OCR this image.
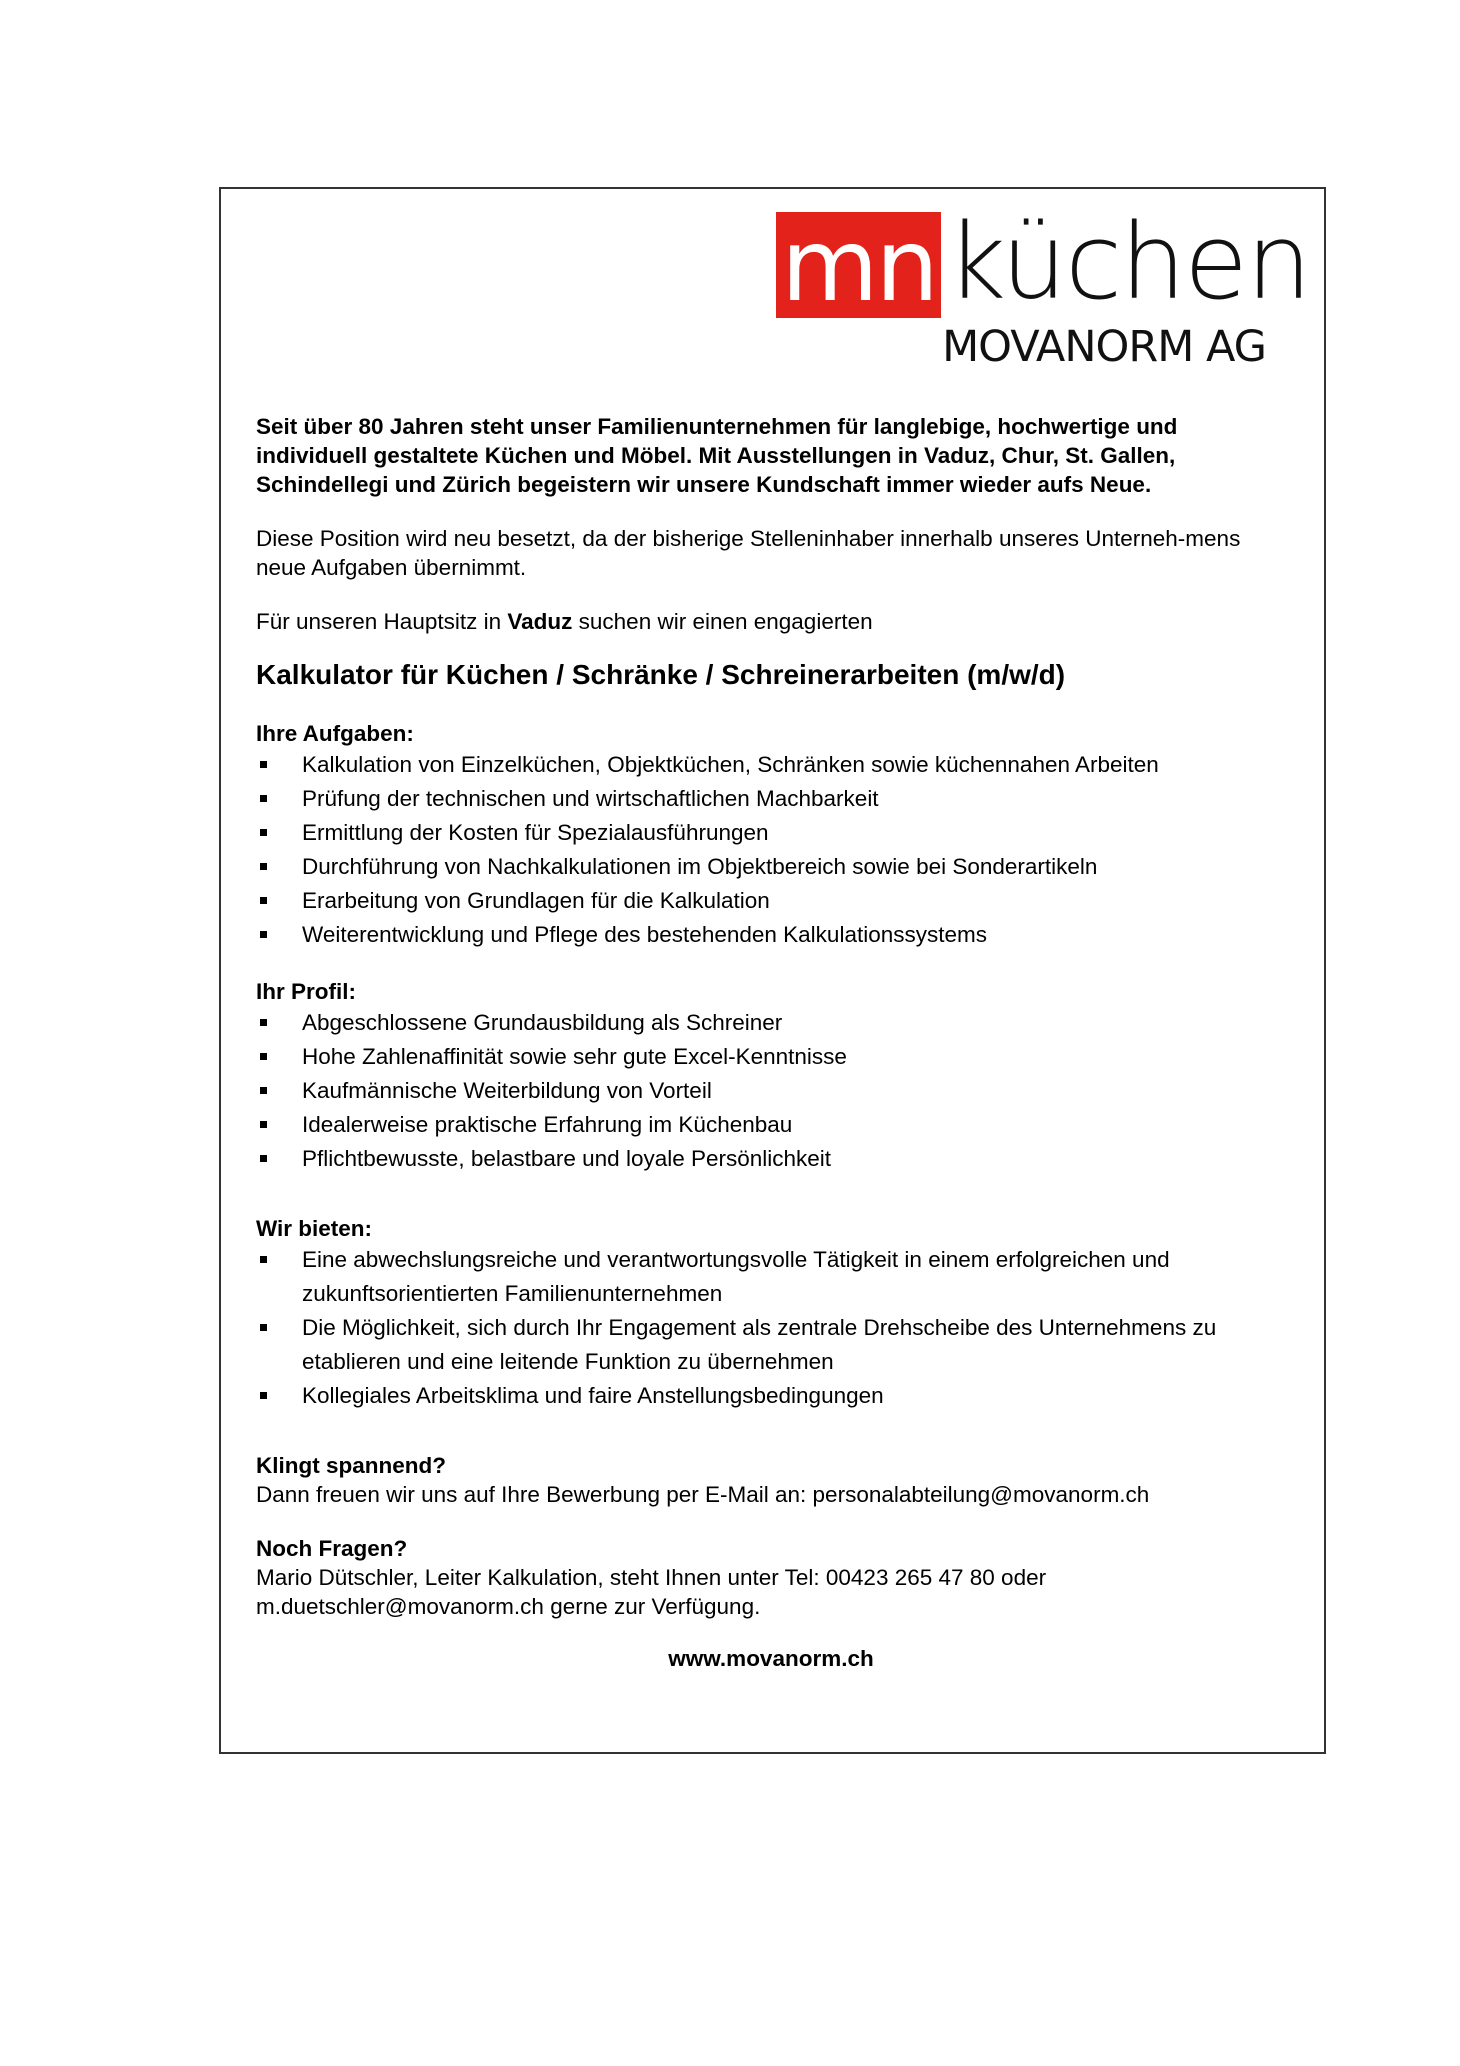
mn küchen
MOVANORM AG

Seit über 80 Jahren steht unser Familienunternehmen für langlebige, hochwertige und individuell gestaltete Küchen und Möbel. Mit Ausstellungen in Vaduz, Chur, St. Gallen, Schindellegi und Zürich begeistern wir unsere Kundschaft immer wieder aufs Neue.

Diese Position wird neu besetzt, da der bisherige Stelleninhaber innerhalb unseres Unterneh-mens neue Aufgaben übernimmt.

Für unseren Hauptsitz in Vaduz suchen wir einen engagierten

Kalkulator für Küchen / Schränke / Schreinerarbeiten (m/w/d)
Ihre Aufgaben:
Kalkulation von Einzelküchen, Objektküchen, Schränken sowie küchennahen Arbeiten
Prüfung der technischen und wirtschaftlichen Machbarkeit
Ermittlung der Kosten für Spezialausführungen
Durchführung von Nachkalkulationen im Objektbereich sowie bei Sonderartikeln
Erarbeitung von Grundlagen für die Kalkulation
Weiterentwicklung und Pflege des bestehenden Kalkulationssystems
Ihr Profil:
Abgeschlossene Grundausbildung als Schreiner
Hohe Zahlenaffinität sowie sehr gute Excel-Kenntnisse
Kaufmännische Weiterbildung von Vorteil
Idealerweise praktische Erfahrung im Küchenbau
Pflichtbewusste, belastbare und loyale Persönlichkeit
Wir bieten:
Eine abwechslungsreiche und verantwortungsvolle Tätigkeit in einem erfolgreichen und zukunftsorientierten Familienunternehmen
Die Möglichkeit, sich durch Ihr Engagement als zentrale Drehscheibe des Unternehmens zu etablieren und eine leitende Funktion zu übernehmen
Kollegiales Arbeitsklima und faire Anstellungsbedingungen
Klingt spannend?

Dann freuen wir uns auf Ihre Bewerbung per E-Mail an: personalabteilung@movanorm.ch

Noch Fragen?

Mario Dütschler, Leiter Kalkulation, steht Ihnen unter Tel: 00423 265 47 80 oder

m.duetschler@movanorm.ch gerne zur Verfügung.

www.movanorm.ch
